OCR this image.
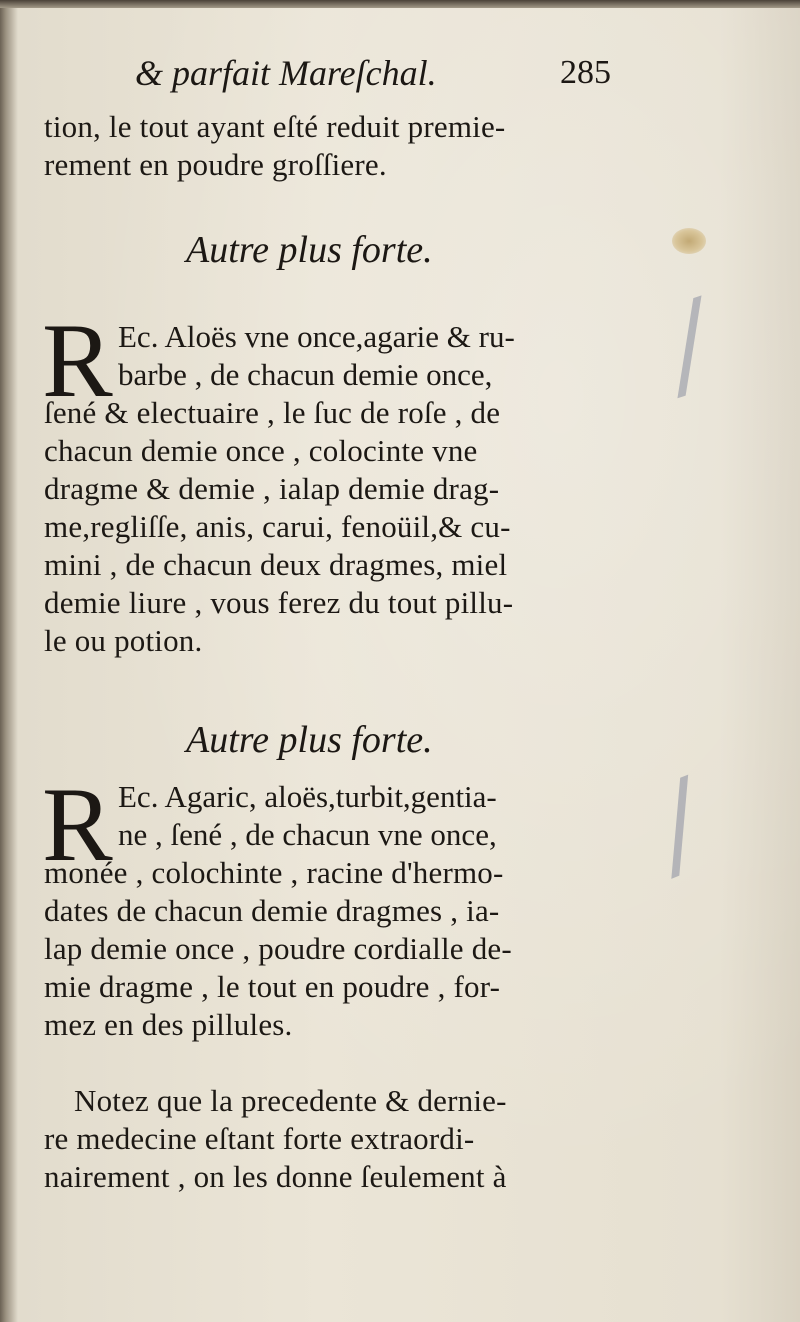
/
/
& parfait Mareſchal.	285
tion, le tout ayant eſté reduit premie-
rement en poudre groſſiere.
Autre plus forte.
R Ec. Aloës vne once,agarie & ru-
barbe , de chacun demie once,
ſené & electuaire , le ſuc de roſe , de
chacun demie once , colocinte vne
dragme & demie , ialap demie drag-
me,regliſſe, anis, carui, fenoüil,& cu-
mini , de chacun deux dragmes, miel
demie liure , vous ferez du tout pillu-
le ou potion.
Autre plus forte.
R Ec. Agaric, aloës,turbit,gentia-
ne , ſené , de chacun vne once,
monée , colochinte , racine d'hermo-
dates de chacun demie dragmes , ia-
lap demie once , poudre cordialle de-
mie dragme , le tout en poudre , for-
mez en des pillules.
Notez que la precedente & dernie-
re medecine eſtant forte extraordi-
nairement , on les donne ſeulement à
